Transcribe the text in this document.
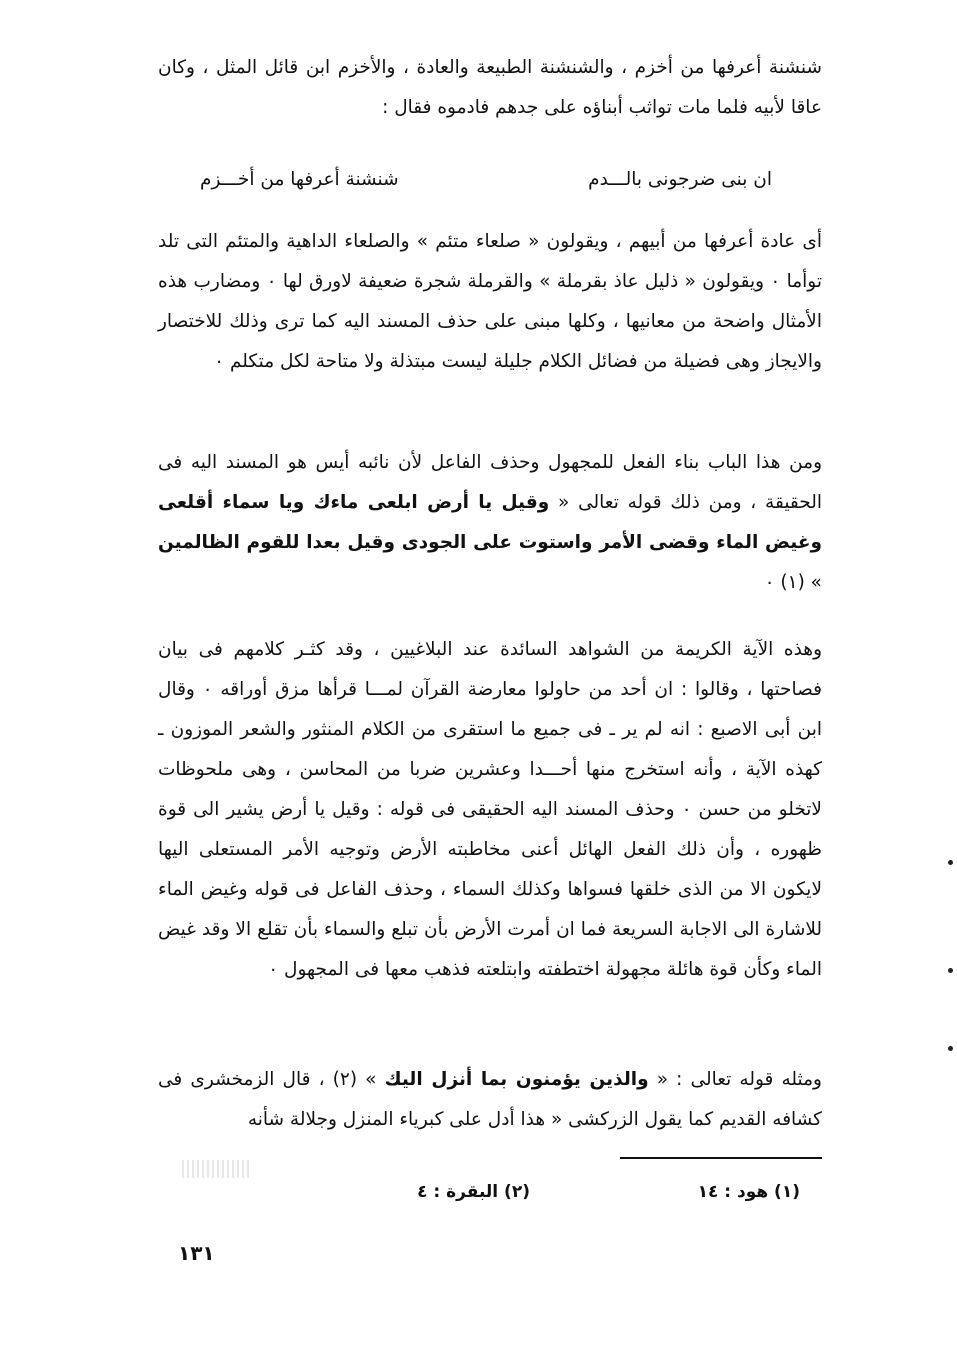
شنشنة أعرفها من أخزم ، والشنشنة الطبيعة والعادة ، والأخزم ابن قائل المثل ، وكان عاقا لأبيه فلما مات تواثب أبناؤه على جدهم فادموه فقال :

ان بنى ضرجونى بالـــدم
شنشنة أعرفها من أخـــزم

أى عادة أعرفها من أبيهم ، ويقولون « صلعاء متئم » والصلعاء الداهية والمتئم التى تلد توأما ٠ ويقولون « ذليل عاذ بقرملة » والقرملة شجرة ضعيفة لاورق لها ٠ ومضارب هذه الأمثال واضحة من معانيها ، وكلها مبنى على حذف المسند اليه كما ترى وذلك للاختصار والايجاز وهى فضيلة من فضائل الكلام جليلة ليست مبتذلة ولا متاحة لكل متكلم ٠

ومن هذا الباب بناء الفعل للمجهول وحذف الفاعل لأن نائبه أيس هو المسند اليه فى الحقيقة ، ومن ذلك قوله تعالى « وقيل يا أرض ابلعى ماءك ويا سماء أقلعى وغيض الماء وقضى الأمر واستوت على الجودى وقيل بعدا للقوم الظالمين » (١) ٠

وهذه الآية الكريمة من الشواهد السائدة عند البلاغيين ، وقد كثـر كلامهم فى بيان فصاحتها ، وقالوا : ان أحد من حاولوا معارضة القرآن لمـــا قرأها مزق أوراقه ٠ وقال ابن أبى الاصبع : انه لم ير ـ فى جميع ما استقرى من الكلام المنثور والشعر الموزون ـ كهذه الآية ، وأنه استخرج منها أحـــدا وعشرين ضربا من المحاسن ، وهى ملحوظات لاتخلو من حسن ٠ وحذف المسند اليه الحقيقى فى قوله : وقيل يا أرض يشير الى قوة ظهوره ، وأن ذلك الفعل الهائل أعنى مخاطبته الأرض وتوجيه الأمر المستعلى اليها لايكون الا من الذى خلقها فسواها وكذلك السماء ، وحذف الفاعل فى قوله وغيض الماء للاشارة الى الاجابة السريعة فما ان أمرت الأرض بأن تبلع والسماء بأن تقلع الا وقد غيض الماء وكأن قوة هائلة مجهولة اختطفته وابتلعته فذهب معها فى المجهول ٠

ومثله قوله تعالى : « والذين يؤمنون بما أنزل اليك » (٢) ، قال الزمخشرى فى كشافه القديم كما يقول الزركشى « هذا أدل على كبرياء المنزل وجلالة شأنه

(١) هود : ١٤
(٢) البقرة : ٤
١٣١
